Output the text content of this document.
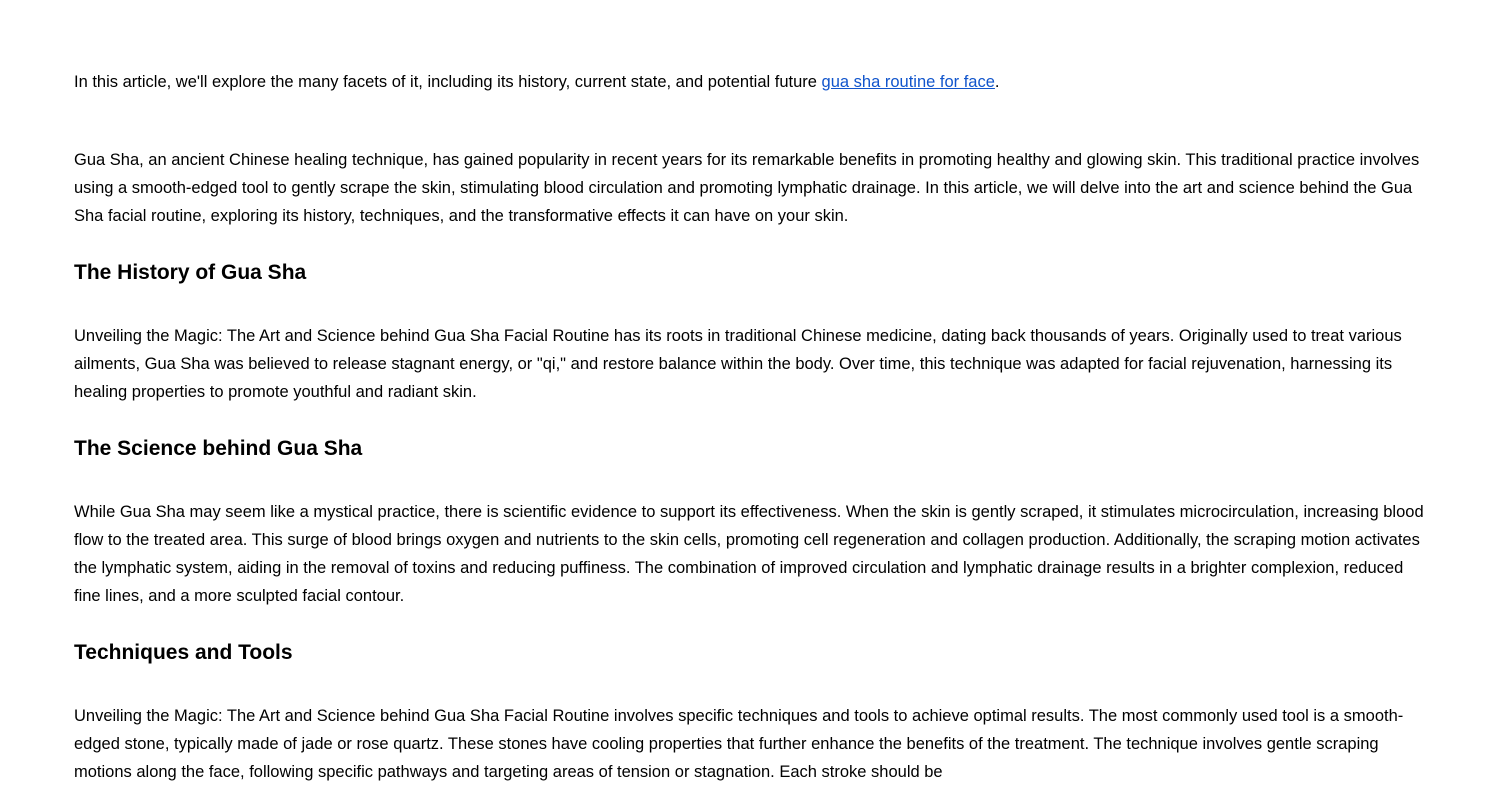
In this article, we'll explore the many facets of it, including its history, current state, and potential future gua sha routine for face.

Gua Sha, an ancient Chinese healing technique, has gained popularity in recent years for its remarkable benefits in promoting healthy and glowing skin. This traditional practice involves using a smooth-edged tool to gently scrape the skin, stimulating blood circulation and promoting lymphatic drainage. In this article, we will delve into the art and science behind the Gua Sha facial routine, exploring its history, techniques, and the transformative effects it can have on your skin.

The History of Gua Sha

Unveiling the Magic: The Art and Science behind Gua Sha Facial Routine has its roots in traditional Chinese medicine, dating back thousands of years. Originally used to treat various ailments, Gua Sha was believed to release stagnant energy, or "qi," and restore balance within the body. Over time, this technique was adapted for facial rejuvenation, harnessing its healing properties to promote youthful and radiant skin.

The Science behind Gua Sha

While Gua Sha may seem like a mystical practice, there is scientific evidence to support its effectiveness. When the skin is gently scraped, it stimulates microcirculation, increasing blood flow to the treated area. This surge of blood brings oxygen and nutrients to the skin cells, promoting cell regeneration and collagen production. Additionally, the scraping motion activates the lymphatic system, aiding in the removal of toxins and reducing puffiness. The combination of improved circulation and lymphatic drainage results in a brighter complexion, reduced fine lines, and a more sculpted facial contour.

Techniques and Tools

Unveiling the Magic: The Art and Science behind Gua Sha Facial Routine involves specific techniques and tools to achieve optimal results. The most commonly used tool is a smooth-edged stone, typically made of jade or rose quartz. These stones have cooling properties that further enhance the benefits of the treatment. The technique involves gentle scraping motions along the face, following specific pathways and targeting areas of tension or stagnation. Each stroke should be
